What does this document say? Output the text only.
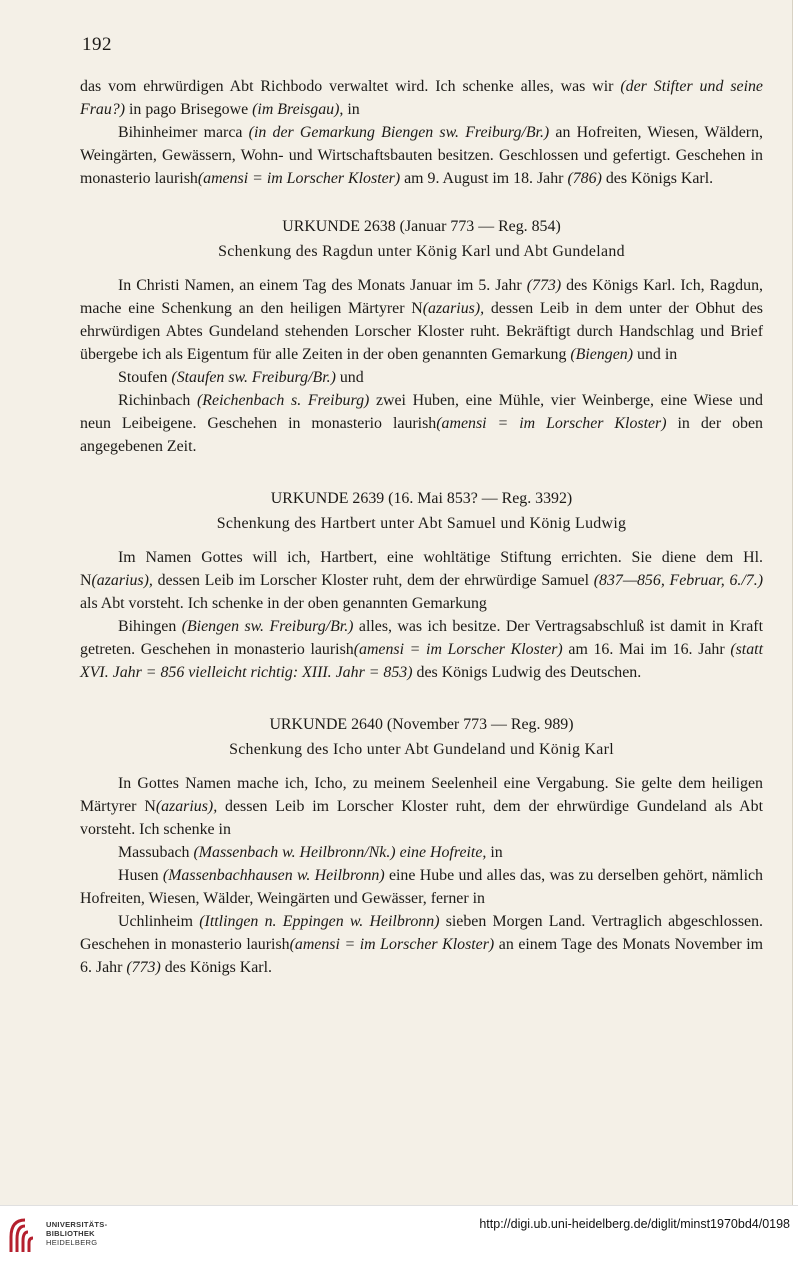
192

das vom ehrwürdigen Abt Richbodo verwaltet wird. Ich schenke alles, was wir (der Stifter und seine Frau?) in pago Brisegowe (im Breisgau), in

Bihinheimer marca (in der Gemarkung Biengen sw. Freiburg/Br.) an Hofreiten, Wiesen, Wäldern, Weingärten, Gewässern, Wohn- und Wirtschaftsbauten besitzen. Geschlossen und gefertigt. Geschehen in monasterio laurish(amensi = im Lorscher Kloster) am 9. August im 18. Jahr (786) des Königs Karl.

URKUNDE 2638 (Januar 773 — Reg. 854)

Schenkung des Ragdun unter König Karl und Abt Gundeland

In Christi Namen, an einem Tag des Monats Januar im 5. Jahr (773) des Königs Karl. Ich, Ragdun, mache eine Schenkung an den heiligen Märtyrer N(azarius), dessen Leib in dem unter der Obhut des ehrwürdigen Abtes Gundeland stehenden Lorscher Kloster ruht. Bekräftigt durch Handschlag und Brief übergebe ich als Eigentum für alle Zeiten in der oben genannten Gemarkung (Biengen) und in

Stoufen (Staufen sw. Freiburg/Br.) und

Richinbach (Reichenbach s. Freiburg) zwei Huben, eine Mühle, vier Weinberge, eine Wiese und neun Leibeigene. Geschehen in monasterio laurish(amensi = im Lorscher Kloster) in der oben angegebenen Zeit.

URKUNDE 2639 (16. Mai 853? — Reg. 3392)

Schenkung des Hartbert unter Abt Samuel und König Ludwig

Im Namen Gottes will ich, Hartbert, eine wohltätige Stiftung errichten. Sie diene dem Hl. N(azarius), dessen Leib im Lorscher Kloster ruht, dem der ehrwürdige Samuel (837—856, Februar, 6./7.) als Abt vorsteht. Ich schenke in der oben genannten Gemarkung

Bihingen (Biengen sw. Freiburg/Br.) alles, was ich besitze. Der Vertragsabschluß ist damit in Kraft getreten. Geschehen in monasterio laurish(amensi = im Lorscher Kloster) am 16. Mai im 16. Jahr (statt XVI. Jahr = 856 vielleicht richtig: XIII. Jahr = 853) des Königs Ludwig des Deutschen.

URKUNDE 2640 (November 773 — Reg. 989)

Schenkung des Icho unter Abt Gundeland und König Karl

In Gottes Namen mache ich, Icho, zu meinem Seelenheil eine Vergabung. Sie gelte dem heiligen Märtyrer N(azarius), dessen Leib im Lorscher Kloster ruht, dem der ehrwürdige Gundeland als Abt vorsteht. Ich schenke in

Massubach (Massenbach w. Heilbronn/Nk.) eine Hofreite, in

Husen (Massenbachhausen w. Heilbronn) eine Hube und alles das, was zu derselben gehört, nämlich Hofreiten, Wiesen, Wälder, Weingärten und Gewässer, ferner in

Uchlinheim (Ittlingen n. Eppingen w. Heilbronn) sieben Morgen Land. Vertraglich abgeschlossen. Geschehen in monasterio laurish(amensi = im Lorscher Kloster) an einem Tage des Monats November im 6. Jahr (773) des Königs Karl.

UNIVERSITÄTS-
BIBLIOTHEK
HEIDELBERG
http://digi.ub.uni-heidelberg.de/diglit/minst1970bd4/0198
